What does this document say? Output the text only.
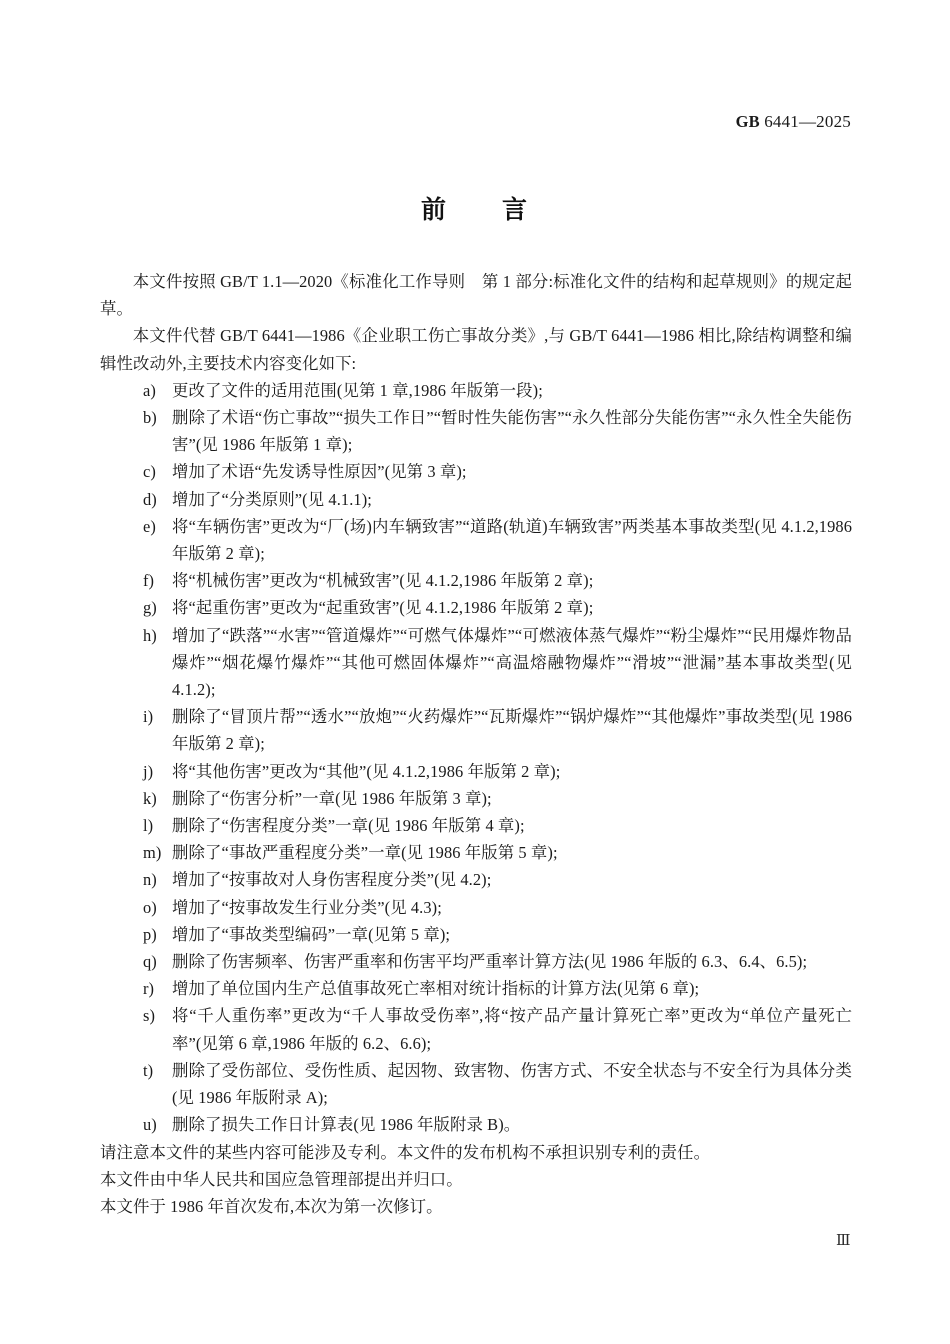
GB 6441—2025
前　　言

本文件按照 GB/T 1.1—2020《标准化工作导则　第 1 部分:标准化文件的结构和起草规则》的规定起草。

本文件代替 GB/T 6441—1986《企业职工伤亡事故分类》,与 GB/T 6441—1986 相比,除结构调整和编辑性改动外,主要技术内容变化如下:

a) 更改了文件的适用范围(见第 1 章,1986 年版第一段);
b) 删除了术语“伤亡事故”“损失工作日”“暂时性失能伤害”“永久性部分失能伤害”“永久性全失能伤害”(见 1986 年版第 1 章);
c) 增加了术语“先发诱导性原因”(见第 3 章);
d) 增加了“分类原则”(见 4.1.1);
e) 将“车辆伤害”更改为“厂(场)内车辆致害”“道路(轨道)车辆致害”两类基本事故类型(见 4.1.2,1986 年版第 2 章);
f)	将“机械伤害”更改为“机械致害”(见 4.1.2,1986 年版第 2 章);
g) 将“起重伤害”更改为“起重致害”(见 4.1.2,1986 年版第 2 章);
h) 增加了“跌落”“水害”“管道爆炸”“可燃气体爆炸”“可燃液体蒸气爆炸”“粉尘爆炸”“民用爆炸物品爆炸”“烟花爆竹爆炸”“其他可燃固体爆炸”“高温熔融物爆炸”“滑坡”“泄漏”基本事故类型(见 4.1.2);
i)	删除了“冒顶片帮”“透水”“放炮”“火药爆炸”“瓦斯爆炸”“锅炉爆炸”“其他爆炸”事故类型(见 1986 年版第 2 章);
j)	将“其他伤害”更改为“其他”(见 4.1.2,1986 年版第 2 章);
k) 删除了“伤害分析”一章(见 1986 年版第 3 章);
l)	删除了“伤害程度分类”一章(见 1986 年版第 4 章);
m) 删除了“事故严重程度分类”一章(见 1986 年版第 5 章);
n) 增加了“按事故对人身伤害程度分类”(见 4.2);
o) 增加了“按事故发生行业分类”(见 4.3);
p) 增加了“事故类型编码”一章(见第 5 章);
q) 删除了伤害频率、伤害严重率和伤害平均严重率计算方法(见 1986 年版的 6.3、6.4、6.5);
r)	增加了单位国内生产总值事故死亡率相对统计指标的计算方法(见第 6 章);
s)	将“千人重伤率”更改为“千人事故受伤率”,将“按产品产量计算死亡率”更改为“单位产量死亡率”(见第 6 章,1986 年版的 6.2、6.6);
t)	删除了受伤部位、受伤性质、起因物、致害物、伤害方式、不安全状态与不安全行为具体分类(见 1986 年版附录 A);
u) 删除了损失工作日计算表(见 1986 年版附录 B)。

请注意本文件的某些内容可能涉及专利。本文件的发布机构不承担识别专利的责任。

本文件由中华人民共和国应急管理部提出并归口。

本文件于 1986 年首次发布,本次为第一次修订。

Ⅲ
